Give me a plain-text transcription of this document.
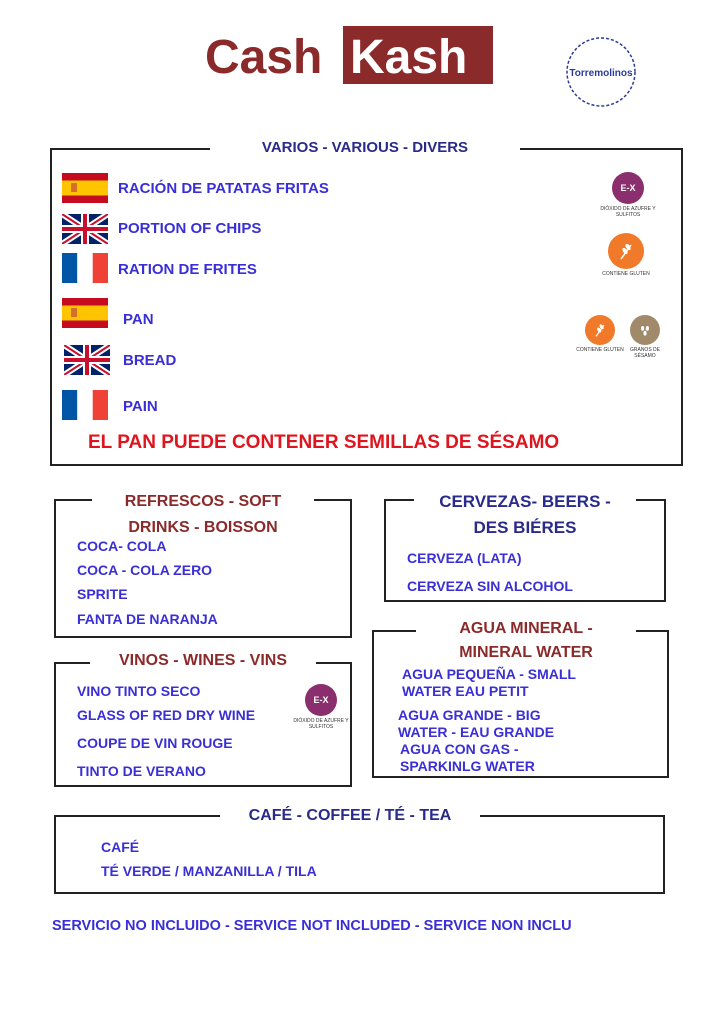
Cash Kash	Torremolinos
VARIOS - VARIOUS - DIVERS
RACIÓN DE PATATAS FRITAS
PORTION OF CHIPS
RATION DE FRITES
PAN
BREAD
PAIN
EL PAN PUEDE CONTENER SEMILLAS DE SÉSAMO
E-X
DIÓXIDO DE AZUFRE Y SULFITOS
CONTIENE GLUTEN
CONTIENE GLUTEN	GRANOS DE SÉSAMO
REFRESCOS - SOFT
DRINKS - BOISSON
COCA- COLA
COCA - COLA ZERO
SPRITE
FANTA DE NARANJA
CERVEZAS- BEERS -
DES BIÉRES
CERVEZA (LATA)
CERVEZA SIN ALCOHOL
AGUA MINERAL -
MINERAL WATER
AGUA PEQUEÑA - SMALL
WATER EAU PETIT
AGUA GRANDE - BIG
WATER - EAU GRANDE
AGUA CON GAS -
SPARKINLG WATER
VINOS - WINES - VINS
VINO TINTO SECO
GLASS OF RED DRY WINE
COUPE DE VIN ROUGE
TINTO DE VERANO
E-X
DIÓXIDO DE AZUFRE Y SULFITOS
CAFÉ - COFFEE / TÉ - TEA
CAFÉ
TÉ VERDE / MANZANILLA / TILA
SERVICIO NO INCLUIDO - SERVICE NOT INCLUDED - SERVICE NON INCLU
